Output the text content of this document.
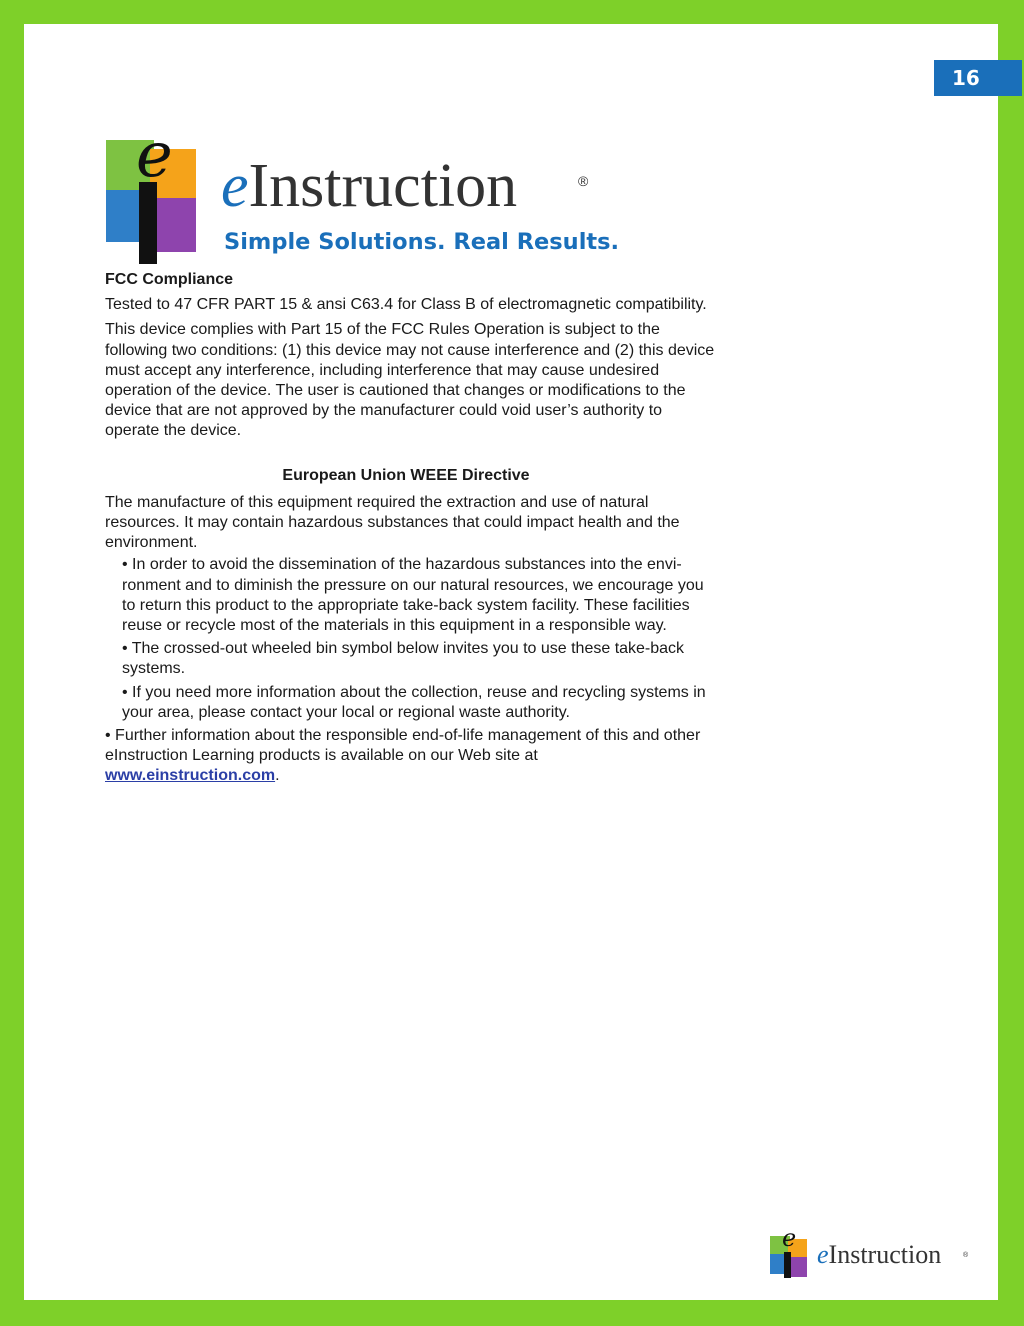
16
e eInstruction	®
Simple Solutions. Real Results.

FCC Compliance

Tested to 47 CFR PART 15 & ansi C63.4 for Class B of electromagnetic compatibility.

This device complies with Part 15 of the FCC Rules Operation is subject to the following two conditions: (1) this device may not cause interference and (2) this device must accept any interference, including interference that may cause undesired operation of the device. The user is cautioned that changes or modifications to the device that are not approved by the manufacturer could void user’s authority to operate the device.

European Union WEEE Directive

The manufacture of this equipment required the extraction and use of natural resources. It may contain hazardous substances that could impact health and the environment.

• In order to avoid the dissemination of the hazardous substances into the environment and to diminish the pressure on our natural resources, we encourage you to return this product to the appropriate take-back system facility. These facilities reuse or recycle most of the materials in this equipment in a responsible way.

• The crossed-out wheeled bin symbol below invites you to use these take-back systems.

• If you need more information about the collection, reuse and recycling systems in your area, please contact your local or regional waste authority.

• Further information about the responsible end-of-life management of this and other eInstruction Learning products is available on our Web site at www.einstruction.com.

e
eInstruction	®
